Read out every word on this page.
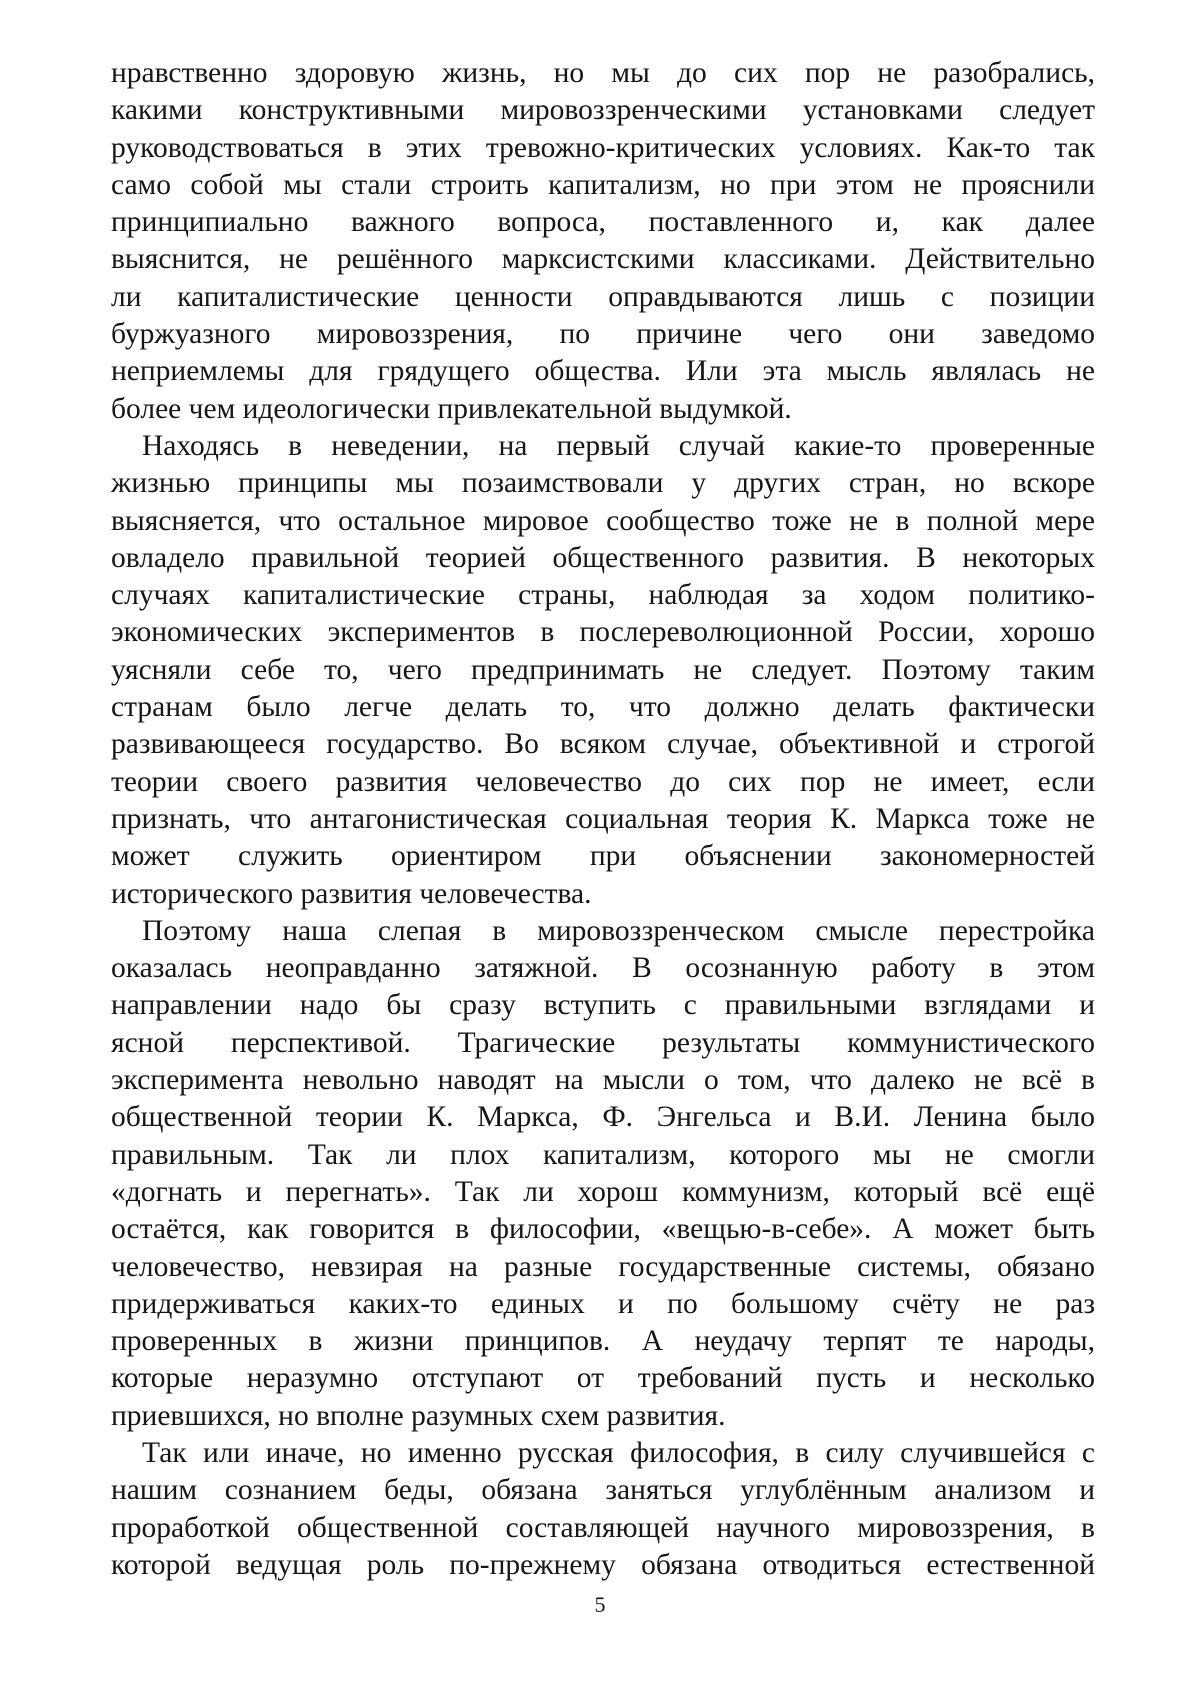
нравственно здоровую жизнь, но мы до сих пор не разобрались,
какими конструктивными мировоззренческими установками следует
руководствоваться в этих тревожно-критических условиях. Как-то так
само собой мы стали строить капитализм, но при этом не прояснили
принципиально важного вопроса, поставленного и, как далее
выяснится, не решённого марксистскими классиками. Действительно
ли капиталистические ценности оправдываются лишь с позиции
буржуазного мировоззрения, по причине чего они заведомо
неприемлемы для грядущего общества. Или эта мысль являлась не
более чем идеологически привлекательной выдумкой.
Находясь в неведении, на первый случай какие-то проверенные
жизнью принципы мы позаимствовали у других стран, но вскоре
выясняется, что остальное мировое сообщество тоже не в полной мере
овладело правильной теорией общественного развития. В некоторых
случаях капиталистические страны, наблюдая за ходом политико-
экономических экспериментов в послереволюционной России, хорошо
уясняли себе то, чего предпринимать не следует. Поэтому таким
странам было легче делать то, что должно делать фактически
развивающееся государство. Во всяком случае, объективной и строгой
теории своего развития человечество до сих пор не имеет, если
признать, что антагонистическая социальная теория К. Маркса тоже не
может служить ориентиром при объяснении закономерностей
исторического развития человечества.
Поэтому наша слепая в мировоззренческом смысле перестройка
оказалась неоправданно затяжной. В осознанную работу в этом
направлении надо бы сразу вступить с правильными взглядами и
ясной перспективой. Трагические результаты коммунистического
эксперимента невольно наводят на мысли о том, что далеко не всё в
общественной теории К. Маркса, Ф. Энгельса и В.И. Ленина было
правильным. Так ли плох капитализм, которого мы не смогли
«догнать и перегнать». Так ли хорош коммунизм, который всё ещё
остаётся, как говорится в философии, «вещью-в-себе». А может быть
человечество, невзирая на разные государственные системы, обязано
придерживаться каких-то единых и по большому счёту не раз
проверенных в жизни принципов. А неудачу терпят те народы,
которые неразумно отступают от требований пусть и несколько
приевшихся, но вполне разумных схем развития.
Так или иначе, но именно русская философия, в силу случившейся с
нашим сознанием беды, обязана заняться углублённым анализом и
проработкой общественной составляющей научного мировоззрения, в
которой ведущая роль по-прежнему обязана отводиться естественной
5
